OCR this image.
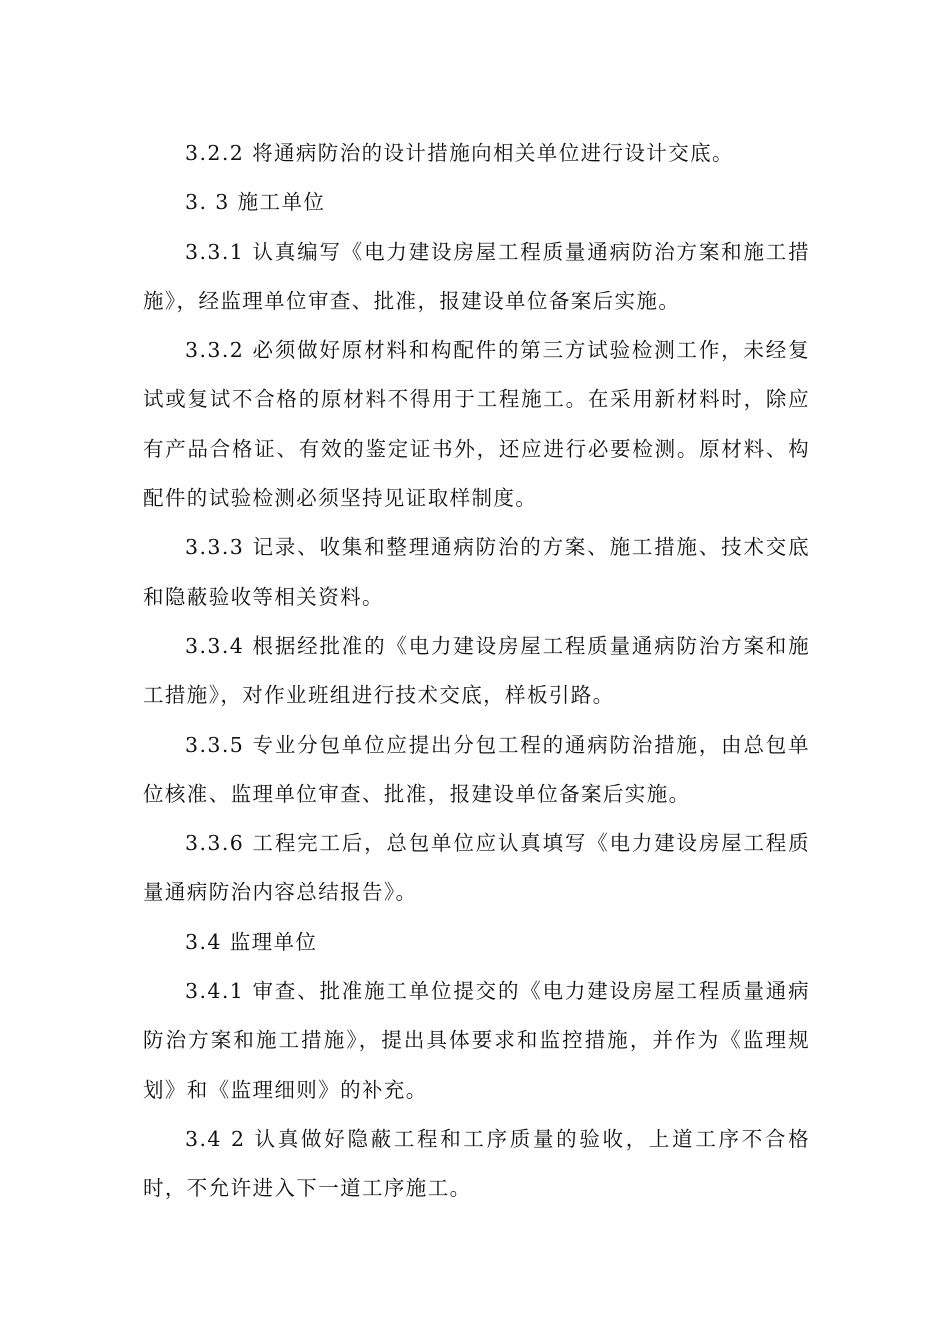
3.2.2 将通病防治的设计措施向相关单位进行设计交底。

3. 3 施工单位

3.3.1 认真编写《电力建设房屋工程质量通病防治方案和施工措施》，经监理单位审查、批准，报建设单位备案后实施。

3.3.2 必须做好原材料和构配件的第三方试验检测工作，未经复试或复试不合格的原材料不得用于工程施工。在采用新材料时，除应有产品合格证、有效的鉴定证书外，还应进行必要检测。原材料、构配件的试验检测必须坚持见证取样制度。

3.3.3 记录、收集和整理通病防治的方案、施工措施、技术交底和隐蔽验收等相关资料。

3.3.4 根据经批准的《电力建设房屋工程质量通病防治方案和施工措施》，对作业班组进行技术交底，样板引路。

3.3.5 专业分包单位应提出分包工程的通病防治措施，由总包单位核准、监理单位审查、批准，报建设单位备案后实施。

3.3.6 工程完工后，总包单位应认真填写《电力建设房屋工程质量通病防治内容总结报告》。

3.4 监理单位

3.4.1 审查、批准施工单位提交的《电力建设房屋工程质量通病防治方案和施工措施》，提出具体要求和监控措施，并作为《监理规划》和《监理细则》的补充。

3.4 2 认真做好隐蔽工程和工序质量的验收，上道工序不合格时，不允许进入下一道工序施工。
